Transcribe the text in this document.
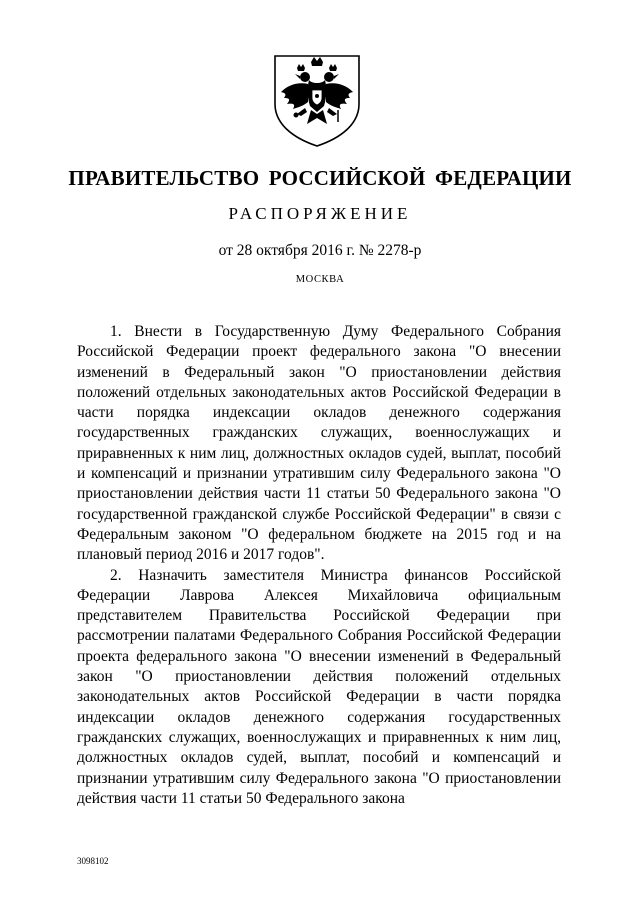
ПРАВИТЕЛЬСТВО РОССИЙСКОЙ ФЕДЕРАЦИИ
РАСПОРЯЖЕНИЕ
от 28 октября 2016 г. № 2278-р
МОСКВА

1. Внести в Государственную Думу Федерального Собрания Российской Федерации проект федерального закона "О внесении изменений в Федеральный закон "О приостановлении действия положений отдельных законодательных актов Российской Федерации в части порядка индексации окладов денежного содержания государственных гражданских служащих, военнослужащих и приравненных к ним лиц, должностных окладов судей, выплат, пособий и компенсаций и признании утратившим силу Федерального закона "О приостановлении действия части 11 статьи 50 Федерального закона "О государственной гражданской службе Российской Федерации" в связи с Федеральным законом "О федеральном бюджете на 2015 год и на плановый период 2016 и 2017 годов".

2. Назначить заместителя Министра финансов Российской Федерации Лаврова Алексея Михайловича официальным представителем Правительства Российской Федерации при рассмотрении палатами Федерального Собрания Российской Федерации проекта федерального закона "О внесении изменений в Федеральный закон "О приостановлении действия положений отдельных законодательных актов Российской Федерации в части порядка индексации окладов денежного содержания государственных гражданских служащих, военнослужащих и приравненных к ним лиц, должностных окладов судей, выплат, пособий и компенсаций и признании утратившим силу Федерального закона "О приостановлении действия части 11 статьи 50 Федерального закона

3098102
